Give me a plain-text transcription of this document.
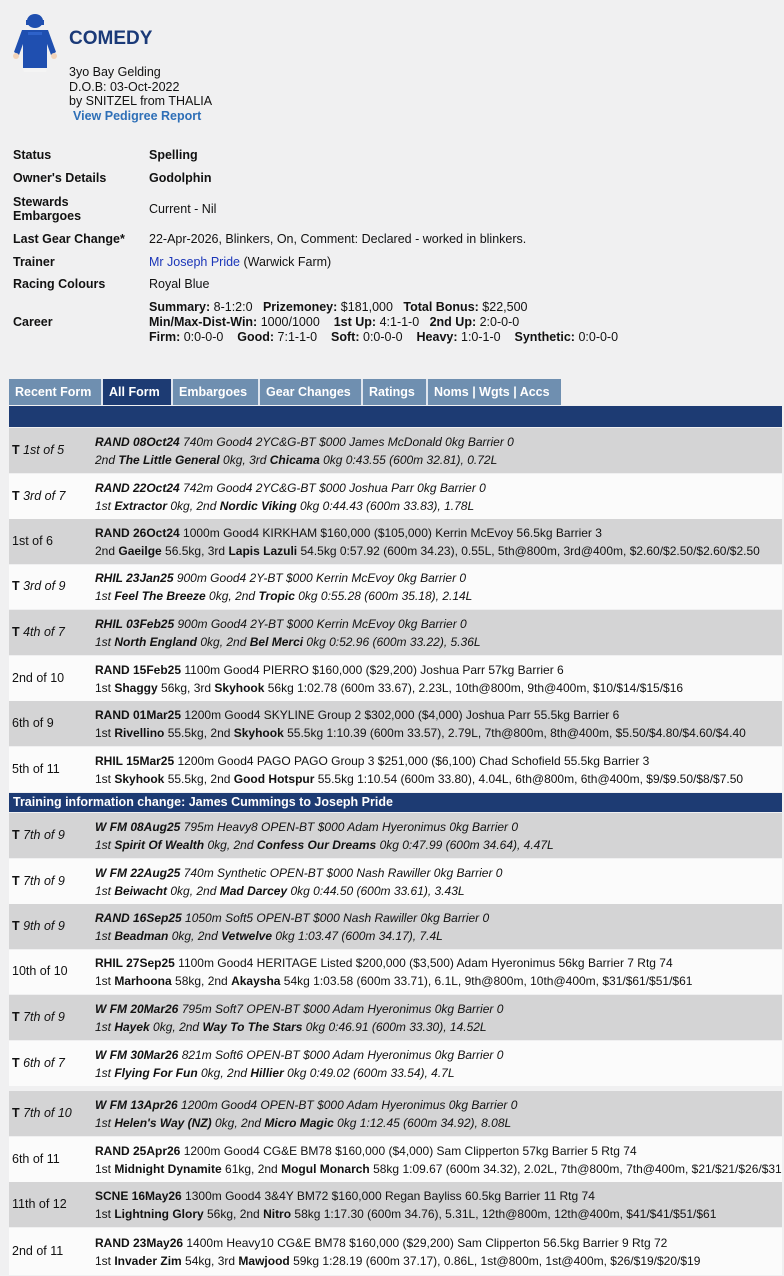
COMEDY
3yo Bay Gelding
D.O.B: 03-Oct-2022
by SNITZEL from THALIA
View Pedigree Report
Status	Spelling
Owner's Details	Godolphin
Stewards
Embargoes	Current - Nil
Last Gear Change*	22-Apr-2026, Blinkers, On, Comment: Declared - worked in blinkers.
Trainer	Mr Joseph Pride (Warwick Farm)
Racing Colours	Royal Blue
Career	Summary: 8-1:2:0 Prizemoney: $181,000 Total Bonus: $22,500
Min/Max-Dist-Win: 1000/1000 1st Up: 4:1-1-0 2nd Up: 2:0-0-0
Firm: 0:0-0-0 Good: 7:1-1-0 Soft: 0:0-0-0 Heavy: 1:0-1-0 Synthetic: 0:0-0-0
Recent Form	All Form	Embargoes	Gear Changes	Ratings	Noms | Wgts | Accs
T 1st of 5
RAND 08Oct24 740m Good4 2YC&G-BT $000 James McDonald 0kg Barrier 0
2nd The Little General 0kg, 3rd Chicama 0kg 0:43.55 (600m 32.81), 0.72L
T 3rd of 7
RAND 22Oct24 742m Good4 2YC&G-BT $000 Joshua Parr 0kg Barrier 0
1st Extractor 0kg, 2nd Nordic Viking 0kg 0:44.43 (600m 33.83), 1.78L
1st of 6
RAND 26Oct24 1000m Good4 KIRKHAM $160,000 ($105,000) Kerrin McEvoy 56.5kg Barrier 3
2nd Gaeilge 56.5kg, 3rd Lapis Lazuli 54.5kg 0:57.92 (600m 34.23), 0.55L, 5th@800m, 3rd@400m, $2.60/$2.50/$2.60/$2.50
T 3rd of 9
RHIL 23Jan25 900m Good4 2Y-BT $000 Kerrin McEvoy 0kg Barrier 0
1st Feel The Breeze 0kg, 2nd Tropic 0kg 0:55.28 (600m 35.18), 2.14L
T 4th of 7
RHIL 03Feb25 900m Good4 2Y-BT $000 Kerrin McEvoy 0kg Barrier 0
1st North England 0kg, 2nd Bel Merci 0kg 0:52.96 (600m 33.22), 5.36L
2nd of 10
RAND 15Feb25 1100m Good4 PIERRO $160,000 ($29,200) Joshua Parr 57kg Barrier 6
1st Shaggy 56kg, 3rd Skyhook 56kg 1:02.78 (600m 33.67), 2.23L, 10th@800m, 9th@400m, $10/$14/$15/$16
6th of 9
RAND 01Mar25 1200m Good4 SKYLINE Group 2 $302,000 ($4,000) Joshua Parr 55.5kg Barrier 6
1st Rivellino 55.5kg, 2nd Skyhook 55.5kg 1:10.39 (600m 33.57), 2.79L, 7th@800m, 8th@400m, $5.50/$4.80/$4.60/$4.40
5th of 11
RHIL 15Mar25 1200m Good4 PAGO PAGO Group 3 $251,000 ($6,100) Chad Schofield 55.5kg Barrier 3
1st Skyhook 55.5kg, 2nd Good Hotspur 55.5kg 1:10.54 (600m 33.80), 4.04L, 6th@800m, 6th@400m, $9/$9.50/$8/$7.50
T 7th of 9
W FM 08Aug25 795m Heavy8 OPEN-BT $000 Adam Hyeronimus 0kg Barrier 0
1st Spirit Of Wealth 0kg, 2nd Confess Our Dreams 0kg 0:47.99 (600m 34.64), 4.47L
T 7th of 9
W FM 22Aug25 740m Synthetic OPEN-BT $000 Nash Rawiller 0kg Barrier 0
1st Beiwacht 0kg, 2nd Mad Darcey 0kg 0:44.50 (600m 33.61), 3.43L
T 9th of 9
RAND 16Sep25 1050m Soft5 OPEN-BT $000 Nash Rawiller 0kg Barrier 0
1st Beadman 0kg, 2nd Vetwelve 0kg 1:03.47 (600m 34.17), 7.4L
10th of 10
RHIL 27Sep25 1100m Good4 HERITAGE Listed $200,000 ($3,500) Adam Hyeronimus 56kg Barrier 7 Rtg 74
1st Marhoona 58kg, 2nd Akaysha 54kg 1:03.58 (600m 33.71), 6.1L, 9th@800m, 10th@400m, $31/$61/$51/$61
T 7th of 9
W FM 20Mar26 795m Soft7 OPEN-BT $000 Adam Hyeronimus 0kg Barrier 0
1st Hayek 0kg, 2nd Way To The Stars 0kg 0:46.91 (600m 33.30), 14.52L
T 6th of 7
W FM 30Mar26 821m Soft6 OPEN-BT $000 Adam Hyeronimus 0kg Barrier 0
1st Flying For Fun 0kg, 2nd Hillier 0kg 0:49.02 (600m 33.54), 4.7L
T 7th of 10
W FM 13Apr26 1200m Good4 OPEN-BT $000 Adam Hyeronimus 0kg Barrier 0
1st Helen's Way (NZ) 0kg, 2nd Micro Magic 0kg 1:12.45 (600m 34.92), 8.08L
6th of 11
RAND 25Apr26 1200m Good4 CG&E BM78 $160,000 ($4,000) Sam Clipperton 57kg Barrier 5 Rtg 74
1st Midnight Dynamite 61kg, 2nd Mogul Monarch 58kg 1:09.67 (600m 34.32), 2.02L, 7th@800m, 7th@400m, $21/$21/$26/$31
11th of 12
SCNE 16May26 1300m Good4 3&4Y BM72 $160,000 Regan Bayliss 60.5kg Barrier 11 Rtg 74
1st Lightning Glory 56kg, 2nd Nitro 58kg 1:17.30 (600m 34.76), 5.31L, 12th@800m, 12th@400m, $41/$41/$51/$61
2nd of 11
RAND 23May26 1400m Heavy10 CG&E BM78 $160,000 ($29,200) Sam Clipperton 56.5kg Barrier 9 Rtg 72
1st Invader Zim 54kg, 3rd Mawjood 59kg 1:28.19 (600m 37.17), 0.86L, 1st@800m, 1st@400m, $26/$19/$20/$19
Training information change: James Cummings to Joseph Pride
